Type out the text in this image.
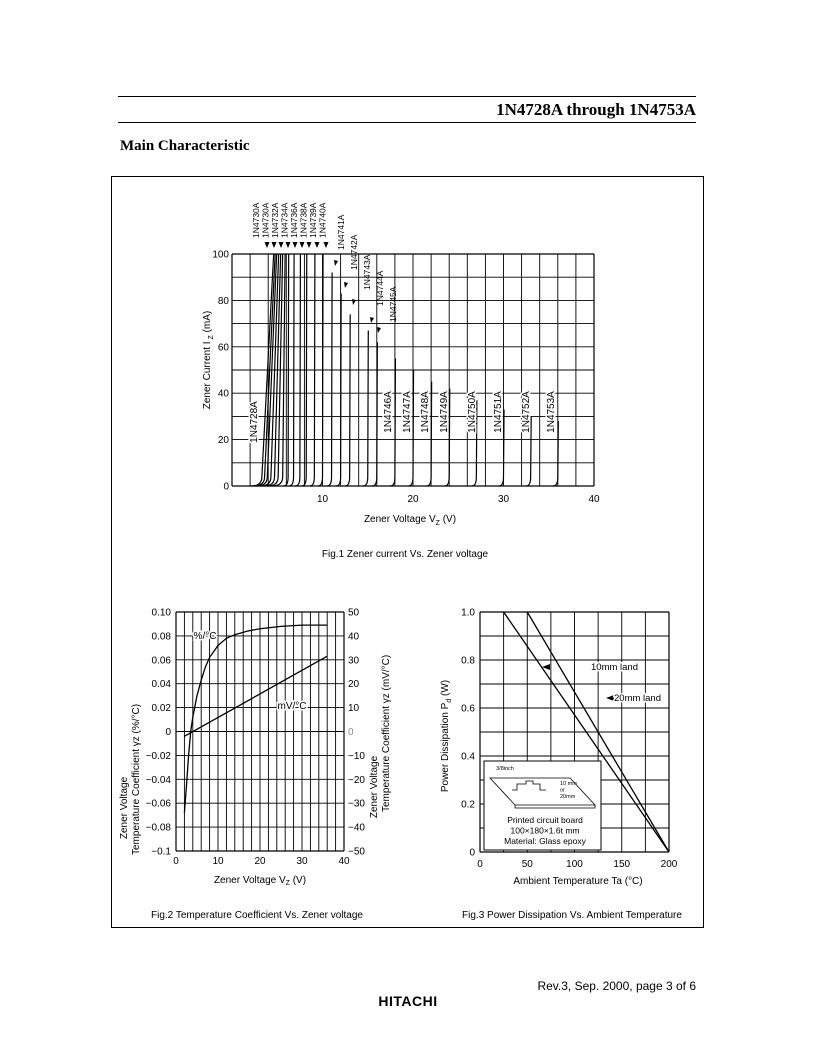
1N4728A through 1N4753A
Main Characteristic
0
20
40
60
80
100
10	20	30	40
1N4730A 1N4730A 1N4732A 1N4734A 1N4736A 1N4738A 1N4739A 1N4740A 1N4741A
1N4742A
1N4743A 1N4744A 1N4745A
1N4728A	1N4746A 1N4747A 1N4748A 1N4749A 1N4750A 1N4751A 1N4752A 1N4753A
Zener Current I $_Z$ (mA)
Zener Voltage $V_Z$ (V)
Fig.1 Zener current Vs. Zener voltage
0.10
0.08
0.06
0.04
0.02
0
−0.02
−0.04
−0.06
−0.08
−0.1
50
40
30
20
10
0
−10
−20
−30
−40
−50
0	10	20	30	40
%/°C
mV/°C
Zener Voltage Temperature Coefficient γz (%/°C)	Zener Voltage Temperature Coefficient γz (mV/°C)
Zener Voltage $V_Z$ (V)
Fig.2 Temperature Coefficient Vs. Zener voltage
0
0.2
0.4
0.6
0.8
1.0
0	50	100	150	200
10mm land
20mm land
3/8inch
10 mm
or
20mm
Printed circuit board
100×180×1.6t mm
Material: Glass epoxy
Power Dissipation $P_d$ (W)
Ambient Temperature Ta (°C)
Fig.3 Power Dissipation Vs. Ambient Temperature
Rev.3, Sep. 2000, page 3 of 6
HITACHI
